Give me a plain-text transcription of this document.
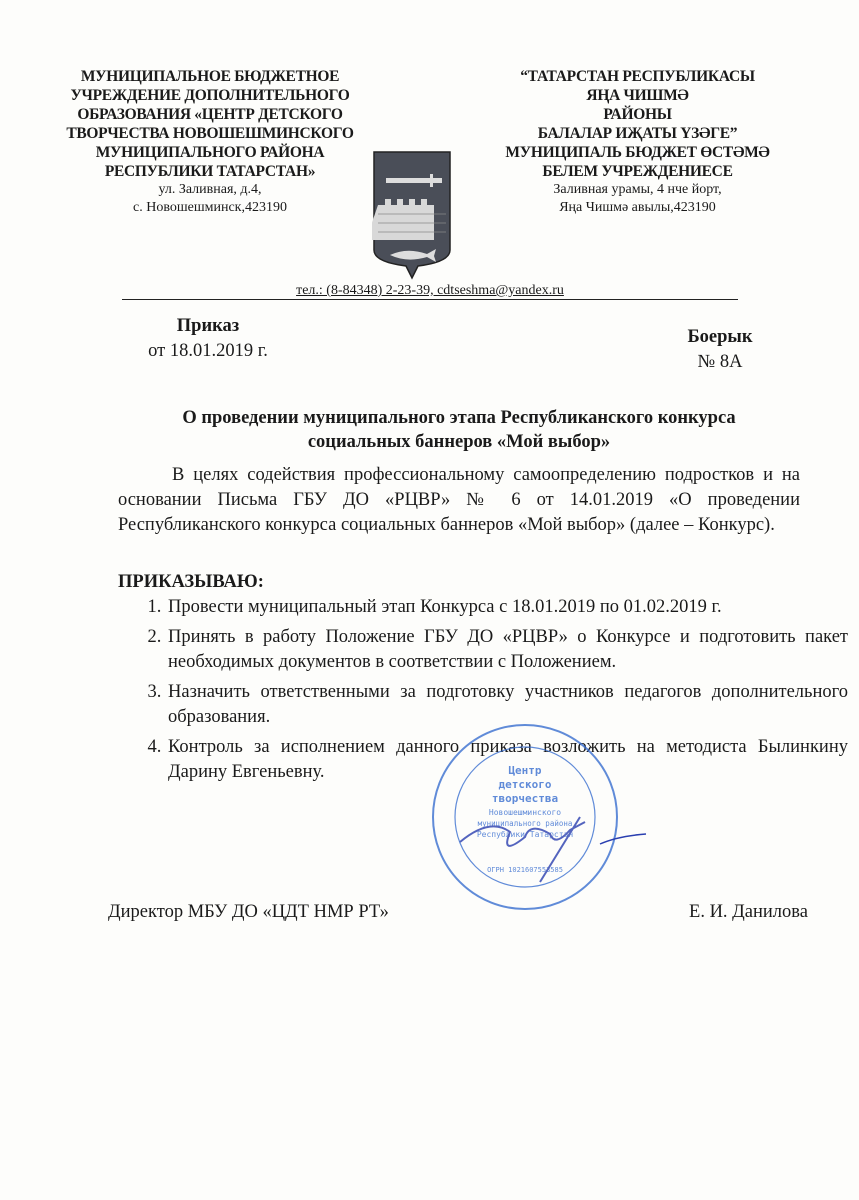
МУНИЦИПАЛЬНОЕ БЮДЖЕТНОЕ
УЧРЕЖДЕНИЕ ДОПОЛНИТЕЛЬНОГО
ОБРАЗОВАНИЯ «ЦЕНТР ДЕТСКОГО
ТВОРЧЕСТВА НОВОШЕШМИНСКОГО
МУНИЦИПАЛЬНОГО РАЙОНА
РЕСПУБЛИКИ ТАТАРСТАН»
ул. Заливная, д.4,
с. Новошешминск,423190
“ТАТАРСТАН РЕСПУБЛИКАСЫ
ЯҢА ЧИШМӘ
РАЙОНЫ
БАЛАЛАР ИҖАТЫ ҮЗӘГЕ”
МУНИЦИПАЛЬ БЮДЖЕТ ӨСТӘМӘ
БЕЛЕМ УЧРЕЖДЕНИЕСЕ
Заливная урамы, 4 нче йорт,
Яңа Чишмә авылы,423190
тел.: (8-84348) 2-23-39, cdtseshma@yandex.ru
Приказ
от 18.01.2019 г.
Боерык
№ 8А
О проведении муниципального этапа Республиканского конкурса
социальных баннеров «Мой выбор»
В целях содействия профессиональному самоопределению подростков и на основании Письма ГБУ ДО «РЦВР» № 6 от 14.01.2019 «О проведении Республиканского конкурса социальных баннеров «Мой выбор» (далее – Конкурс).
ПРИКАЗЫВАЮ:
1. Провести муниципальный этап Конкурса с 18.01.2019 по 01.02.2019 г.
2. Принять в работу Положение ГБУ ДО «РЦВР» о Конкурсе и подготовить пакет необходимых документов в соответствии с Положением.
3. Назначить ответственными за подготовку участников педагогов дополнительного образования.
4. Контроль за исполнением данного приказа возложить на методиста Былинкину Дарину Евгеньевну.
Директор МБУ ДО «ЦДТ НМР РТ»	Е. И. Данилова
Центр
детского
творчества
Новошешминского
муниципального района
Республики Татарстан
ОГРН 1021607553585
